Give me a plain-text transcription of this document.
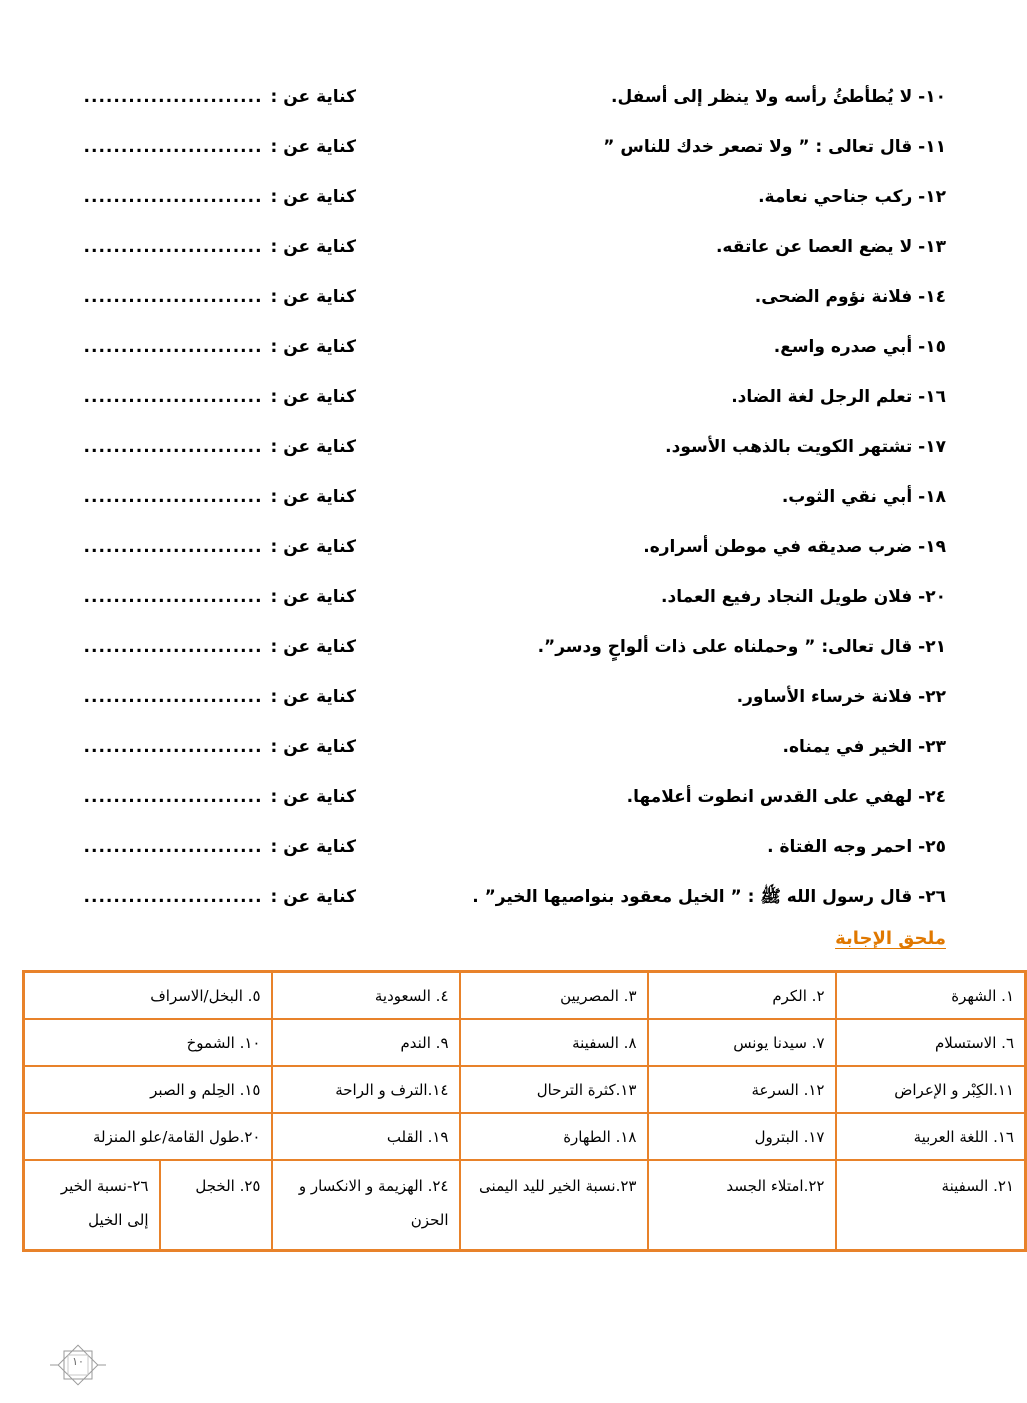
١٠- لا يُطأطئُ رأسه ولا ينظر إلى أسفل.
كناية عن :........................
١١- قال تعالى : ” ولا تصعر خدك للناس ”
كناية عن :........................
١٢- ركب جناحي نعامة.
كناية عن :........................
١٣- لا يضع العصا عن عاتقه.
كناية عن :........................
١٤- فلانة نؤوم الضحى.
كناية عن :........................
١٥- أبي صدره واسع.
كناية عن :........................
١٦- تعلم الرجل لغة الضاد.
كناية عن :........................
١٧- تشتهر الكويت بالذهب الأسود.
كناية عن :........................
١٨- أبي نقي الثوب.
كناية عن :........................
١٩- ضرب صديقه في موطن أسراره.
كناية عن :........................
٢٠- فلان طويل النجاد رفيع العماد.
كناية عن :........................
٢١- قال تعالى: ” وحملناه على ذات ألواحٍ ودسر”.
كناية عن :........................
٢٢- فلانة خرساء الأساور.
كناية عن :........................
٢٣- الخير في يمناه.
كناية عن :........................
٢٤- لهفي على القدس انطوت أعلامها.
كناية عن :........................
٢٥- احمر وجه الفتاة .
كناية عن :........................
٢٦- قال رسول الله ﷺ : ” الخيل معقود بنواصيها الخير” .
كناية عن :........................
ملحق الإجابة
١. الشهرة	٢. الكرم	٣. المصريين	٤. السعودية	٥. البخل/الاسراف	
٦. الاستسلام	٧. سيدنا يونس	٨. السفينة	٩. الندم	١٠. الشموخ	
١١.الكِبْر و الإعراض	١٢. السرعة	١٣.كثرة الترحال	١٤.الترف و الراحة	١٥. الحِلم و الصبر	
١٦. اللغة العربية	١٧. البترول	١٨. الطهارة	١٩. القلب	٢٠.طول القامة/علو المنزلة	
٢١. السفينة	٢٢.امتلاء الجسد	٢٣.نسبة الخير لليد اليمنى	٢٤. الهزيمة و الانكسار و الحزن	٢٥. الخجل	٢٦-نسبة الخير إلى الخيل
١٠
